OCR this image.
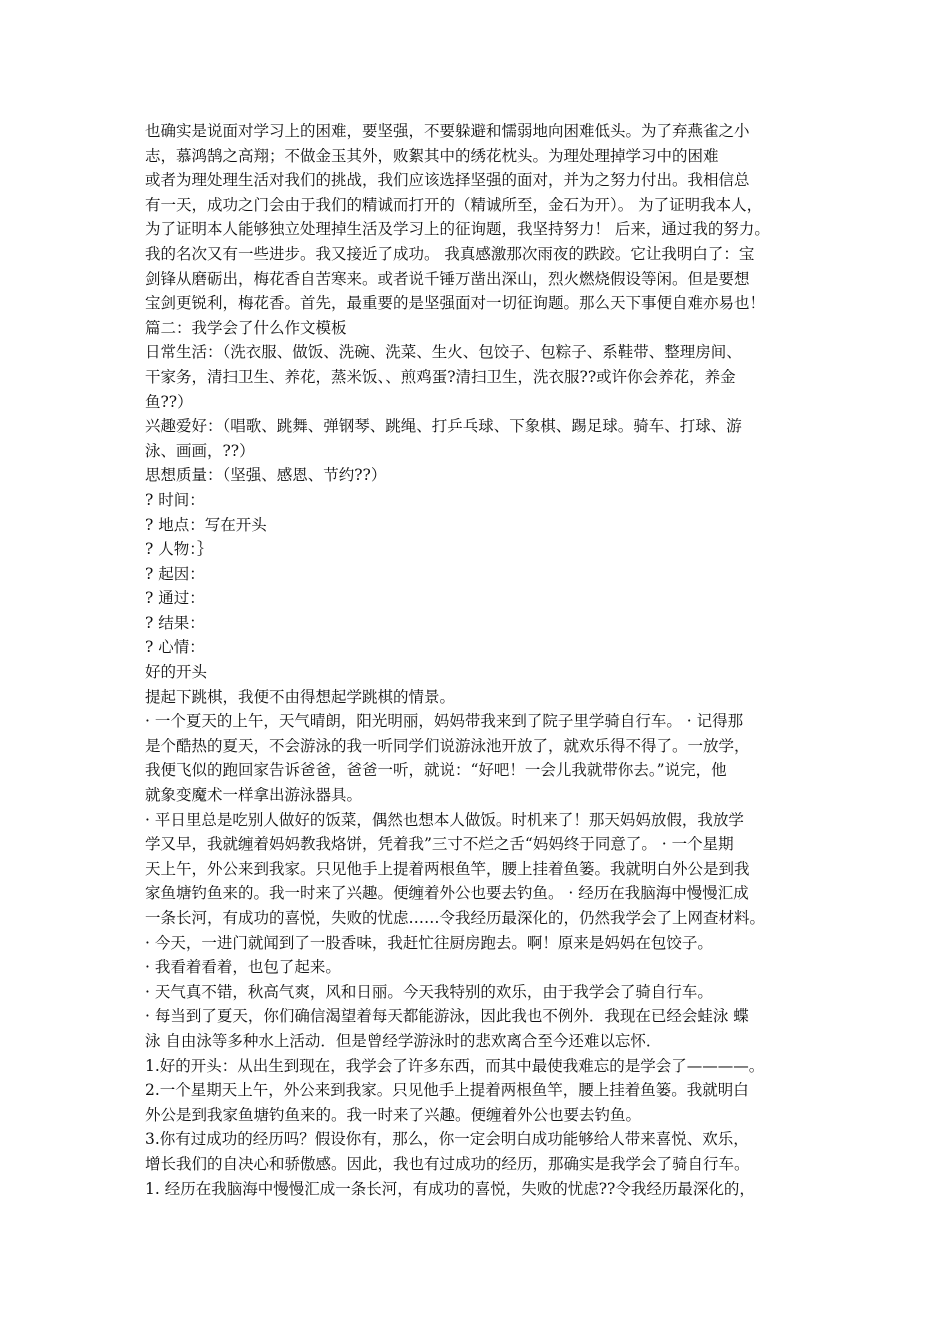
也确实是说面对学习上的困难，要坚强，不要躲避和懦弱地向困难低头。为了弃燕雀之小
志，慕鸿鹄之高翔；不做金玉其外，败絮其中的绣花枕头。为理处理掉学习中的困难
或者为理处理生活对我们的挑战，我们应该选择坚强的面对，并为之努力付出。我相信总
有一天，成功之门会由于我们的精诚而打开的（精诚所至，金石为开）。 为了证明我本人，
为了证明本人能够独立处理掉生活及学习上的征询题，我坚持努力！ 后来，通过我的努力。
我的名次又有一些进步。我又接近了成功。 我真感激那次雨夜的跌跤。它让我明白了：宝
剑锋从磨砺出，梅花香自苦寒来。或者说千锤万凿出深山，烈火燃烧假设等闲。但是要想
宝剑更锐利，梅花香。首先，最重要的是坚强面对一切征询题。那么天下事便自难亦易也！
篇二：我学会了什么作文模板
日常生活：（洗衣服、做饭、洗碗、洗菜、生火、包饺子、包粽子、系鞋带、整理房间、
干家务，清扫卫生、养花，蒸米饭、、煎鸡蛋?清扫卫生，洗衣服??或许你会养花，养金
鱼??）
兴趣爱好：（唱歌、跳舞、弹钢琴、跳绳、打乒乓球、下象棋、踢足球。骑车、打球、游
泳、画画，??）
思想质量：（坚强、感恩、节约??）
? 时间：
? 地点：写在开头
? 人物：｝
? 起因：
? 通过：
? 结果：
? 心情：
好的开头
提起下跳棋，我便不由得想起学跳棋的情景。
· 一个夏天的上午，天气晴朗，阳光明丽，妈妈带我来到了院子里学骑自行车。 · 记得那
是个酷热的夏天，不会游泳的我一听同学们说游泳池开放了，就欢乐得不得了。一放学，
我便飞似的跑回家告诉爸爸，爸爸一听，就说：“好吧！一会儿我就带你去。”说完，他
就象变魔术一样拿出游泳器具。
· 平日里总是吃别人做好的饭菜，偶然也想本人做饭。时机来了！那天妈妈放假，我放学
学又早，我就缠着妈妈教我烙饼，凭着我”三寸不烂之舌“妈妈终于同意了。 · 一个星期
天上午，外公来到我家。只见他手上提着两根鱼竿，腰上挂着鱼篓。我就明白外公是到我
家鱼塘钓鱼来的。我一时来了兴趣。便缠着外公也要去钓鱼。 · 经历在我脑海中慢慢汇成
一条长河，有成功的喜悦，失败的忧虑……令我经历最深化的，仍然我学会了上网查材料。
· 今天，一进门就闻到了一股香味，我赶忙往厨房跑去。啊！原来是妈妈在包饺子。
· 我看着看着，也包了起来。
· 天气真不错，秋高气爽，风和日丽。今天我特别的欢乐，由于我学会了骑自行车。
· 每当到了夏天，你们确信渴望着每天都能游泳，因此我也不例外．我现在已经会蛙泳 蝶
泳 自由泳等多种水上活动．但是曾经学游泳时的悲欢离合至今还难以忘怀．
1.好的开头：从出生到现在，我学会了许多东西，而其中最使我难忘的是学会了————。
2.一个星期天上午，外公来到我家。只见他手上提着两根鱼竿，腰上挂着鱼篓。我就明白
外公是到我家鱼塘钓鱼来的。我一时来了兴趣。便缠着外公也要去钓鱼。
3.你有过成功的经历吗？假设你有，那么，你一定会明白成功能够给人带来喜悦、欢乐，
增长我们的自决心和骄傲感。因此，我也有过成功的经历，那确实是我学会了骑自行车。
1. 经历在我脑海中慢慢汇成一条长河，有成功的喜悦，失败的忧虑??令我经历最深化的，
